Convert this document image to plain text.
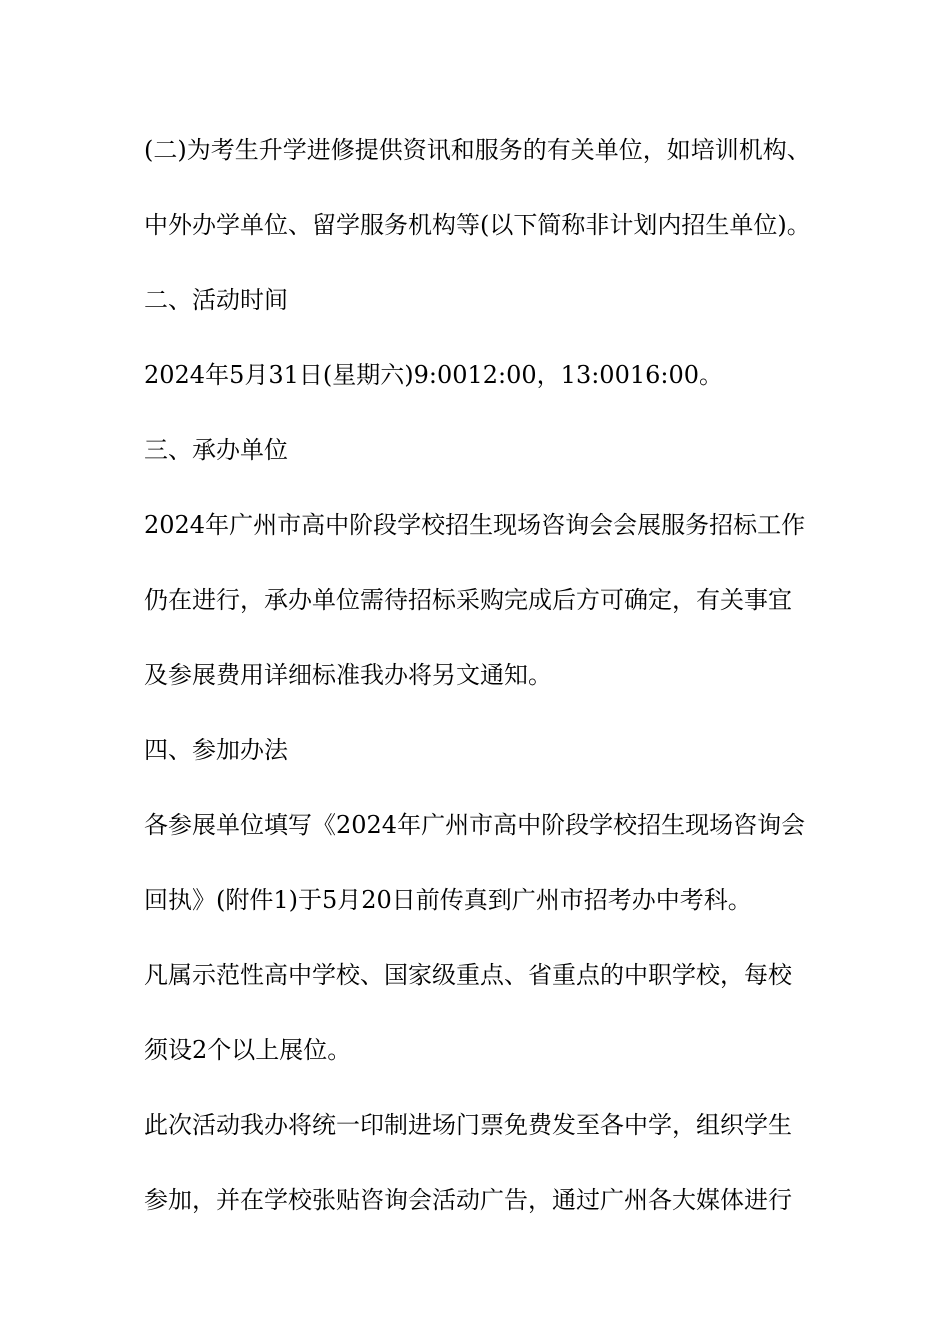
(二)为考生升学进修提供资讯和服务的有关单位，如培训机构、
中外办学单位、留学服务机构等(以下简称非计划内招生单位)。
二、活动时间
2024年5月31日(星期六)9:0012:00，13:0016:00。
三、承办单位
2024年广州市高中阶段学校招生现场咨询会会展服务招标工作
仍在进行，承办单位需待招标采购完成后方可确定，有关事宜
及参展费用详细标准我办将另文通知。
四、参加办法
各参展单位填写《2024年广州市高中阶段学校招生现场咨询会
回执》(附件1)于5月20日前传真到广州市招考办中考科。
凡属示范性高中学校、国家级重点、省重点的中职学校，每校
须设2个以上展位。
此次活动我办将统一印制进场门票免费发至各中学，组织学生
参加，并在学校张贴咨询会活动广告，通过广州各大媒体进行
